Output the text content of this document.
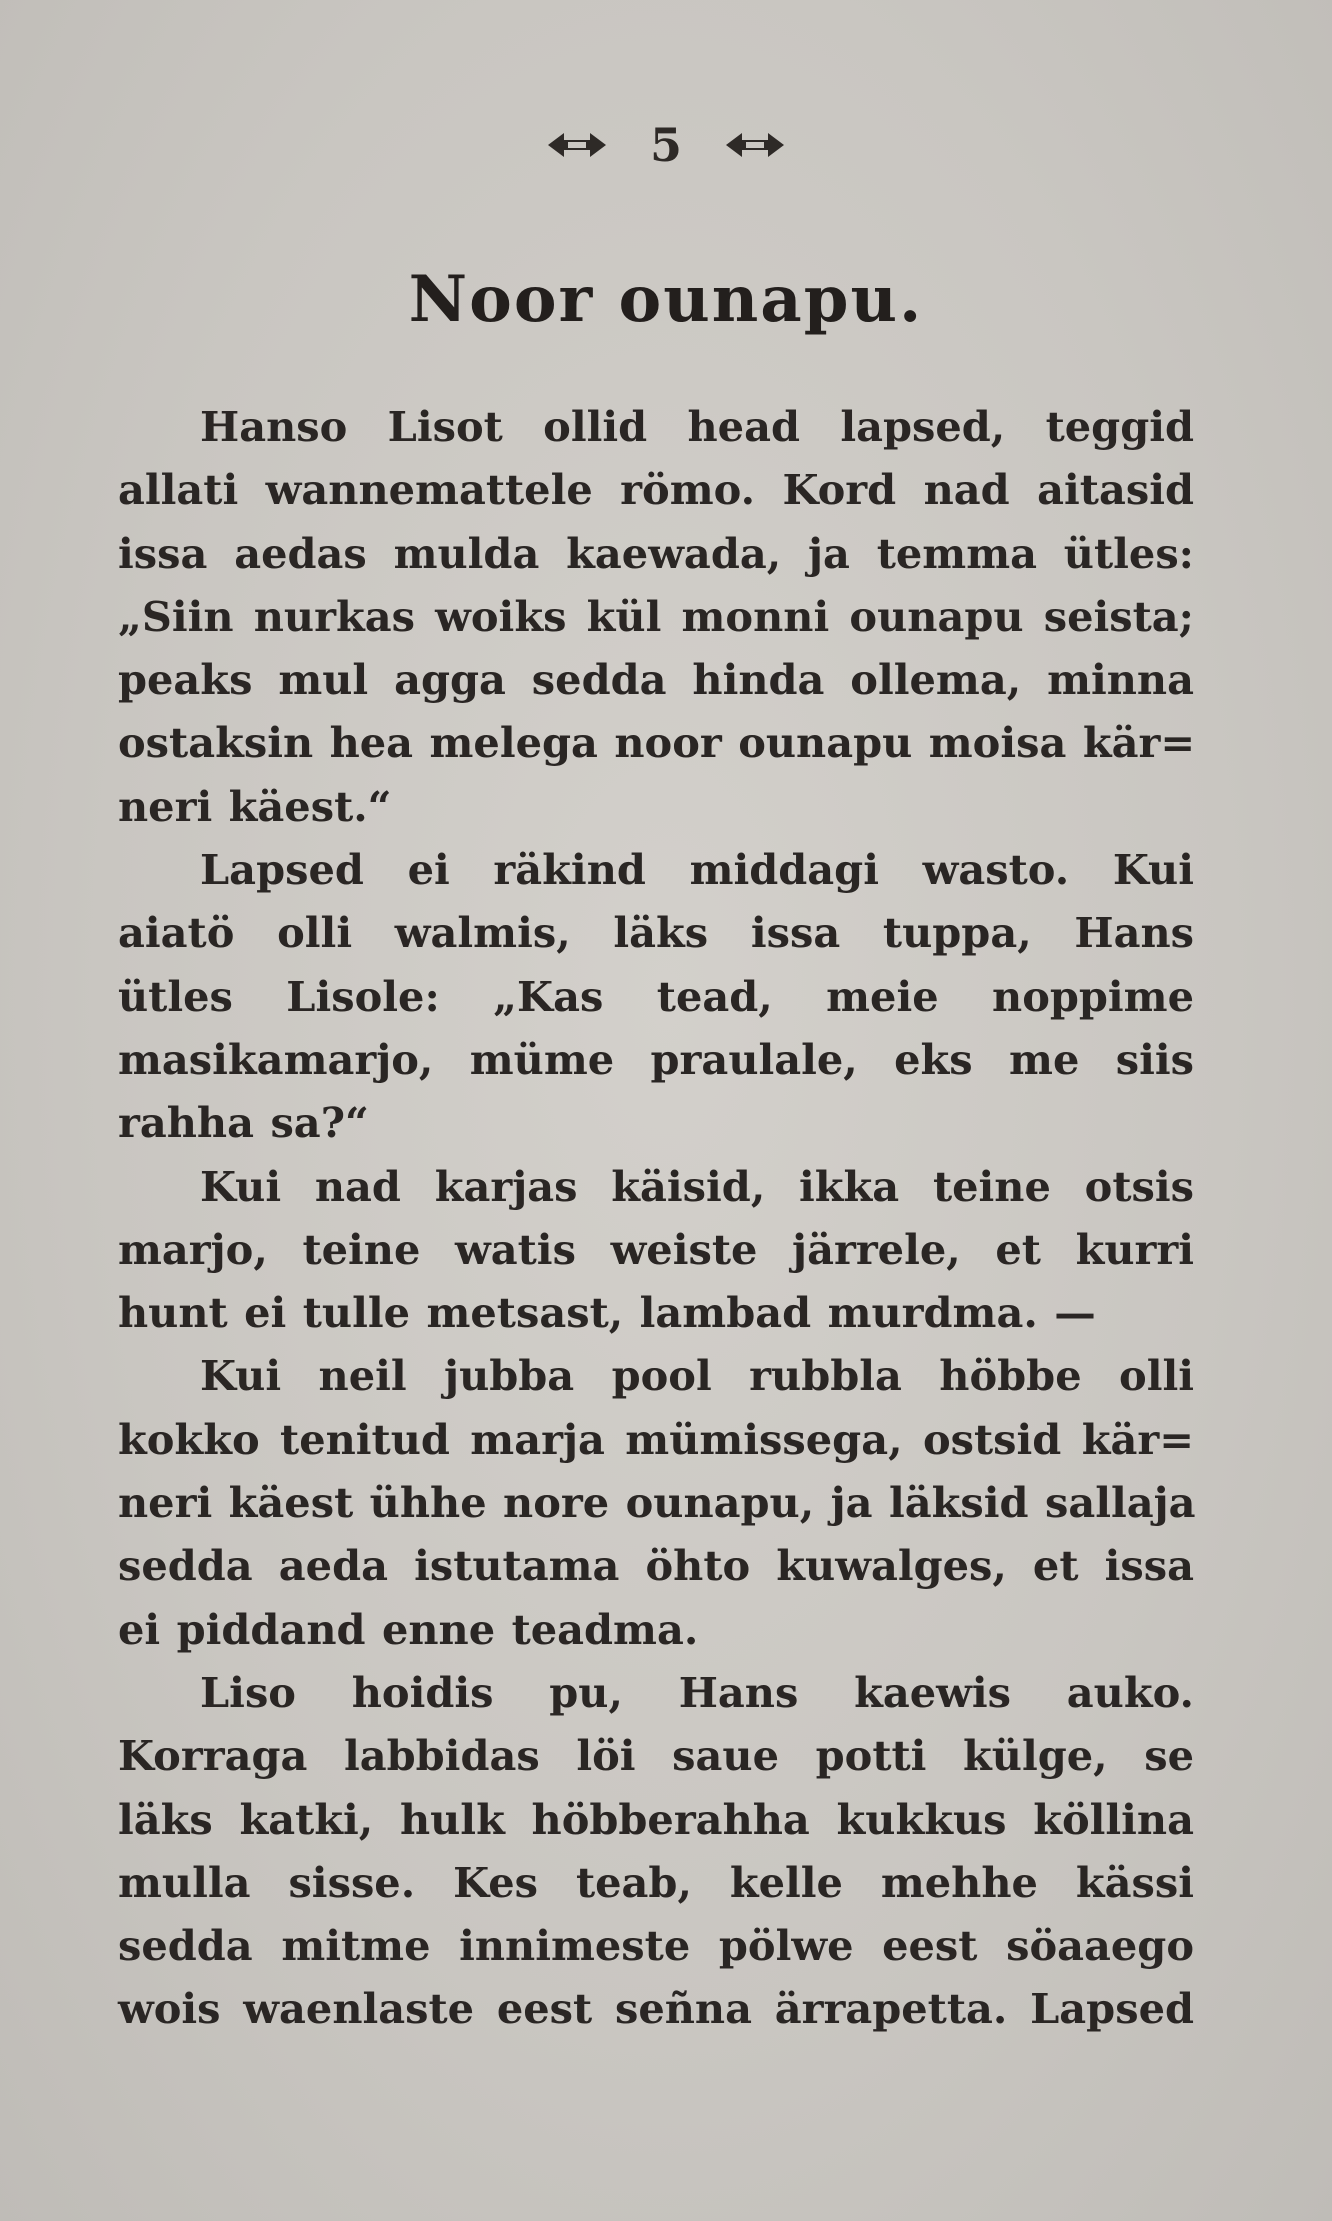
5
Noor ounapu.
Hanso Lisot ollid head lapsed, teggid
allati wannemattele römo. Kord nad aitasid
issa aedas mulda kaewada, ja temma ütles:
„Siin nurkas woiks kül monni ounapu seista;
peaks mul agga sedda hinda ollema, minna
ostaksin hea melega noor ounapu moisa kär=
neri käest.“
Lapsed ei räkind middagi wasto. Kui
aiatö olli walmis, läks issa tuppa, Hans
ütles Lisole: „Kas tead, meie noppime
masikamarjo, müme praulale, eks me siis
rahha sa?“
Kui nad karjas käisid, ikka teine otsis
marjo, teine watis weiste järrele, et kurri
hunt ei tulle metsast, lambad murdma. —
Kui neil jubba pool rubbla höbbe olli
kokko tenitud marja mümissega, ostsid kär=
neri käest ühhe nore ounapu, ja läksid sallaja
sedda aeda istutama öhto kuwalges, et issa
ei piddand enne teadma.
Liso hoidis pu, Hans kaewis auko.
Korraga labbidas löi saue potti külge, se
läks katki, hulk höbberahha kukkus köllina
mulla sisse. Kes teab, kelle mehhe kässi
sedda mitme innimeste pölwe eest söaaego
wois waenlaste eest señna ärrapetta. Lapsed
